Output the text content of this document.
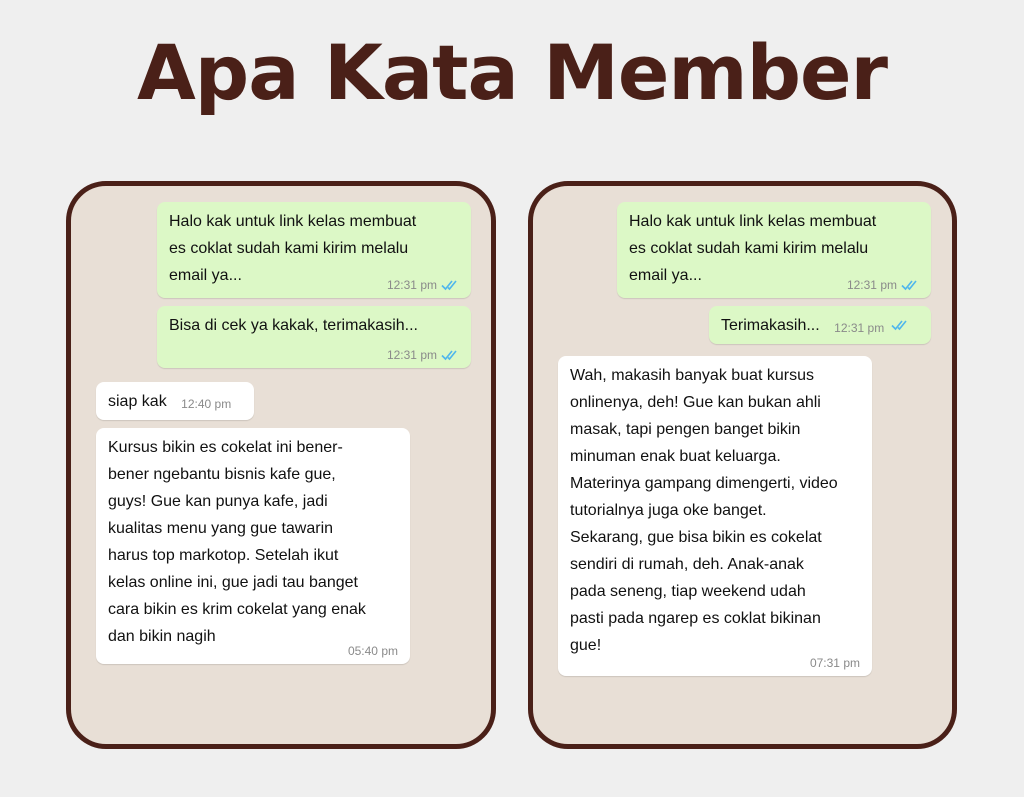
Apa Kata Member
Halo kak untuk link kelas membuat
es coklat sudah kami kirim melalu
email ya...
12:31 pm
Bisa di cek ya kakak, terimakasih...
12:31 pm
siap kak 12:40 pm
Kursus bikin es cokelat ini bener-
bener ngebantu bisnis kafe gue,
guys! Gue kan punya kafe, jadi
kualitas menu yang gue tawarin
harus top markotop. Setelah ikut
kelas online ini, gue jadi tau banget
cara bikin es krim cokelat yang enak
dan bikin nagih
05:40 pm
Halo kak untuk link kelas membuat
es coklat sudah kami kirim melalu
email ya...
12:31 pm
Terimakasih... 12:31 pm
Wah, makasih banyak buat kursus
onlinenya, deh! Gue kan bukan ahli
masak, tapi pengen banget bikin
minuman enak buat keluarga.
Materinya gampang dimengerti, video
tutorialnya juga oke banget.
Sekarang, gue bisa bikin es cokelat
sendiri di rumah, deh. Anak-anak
pada seneng, tiap weekend udah
pasti pada ngarep es coklat bikinan
gue!
07:31 pm
